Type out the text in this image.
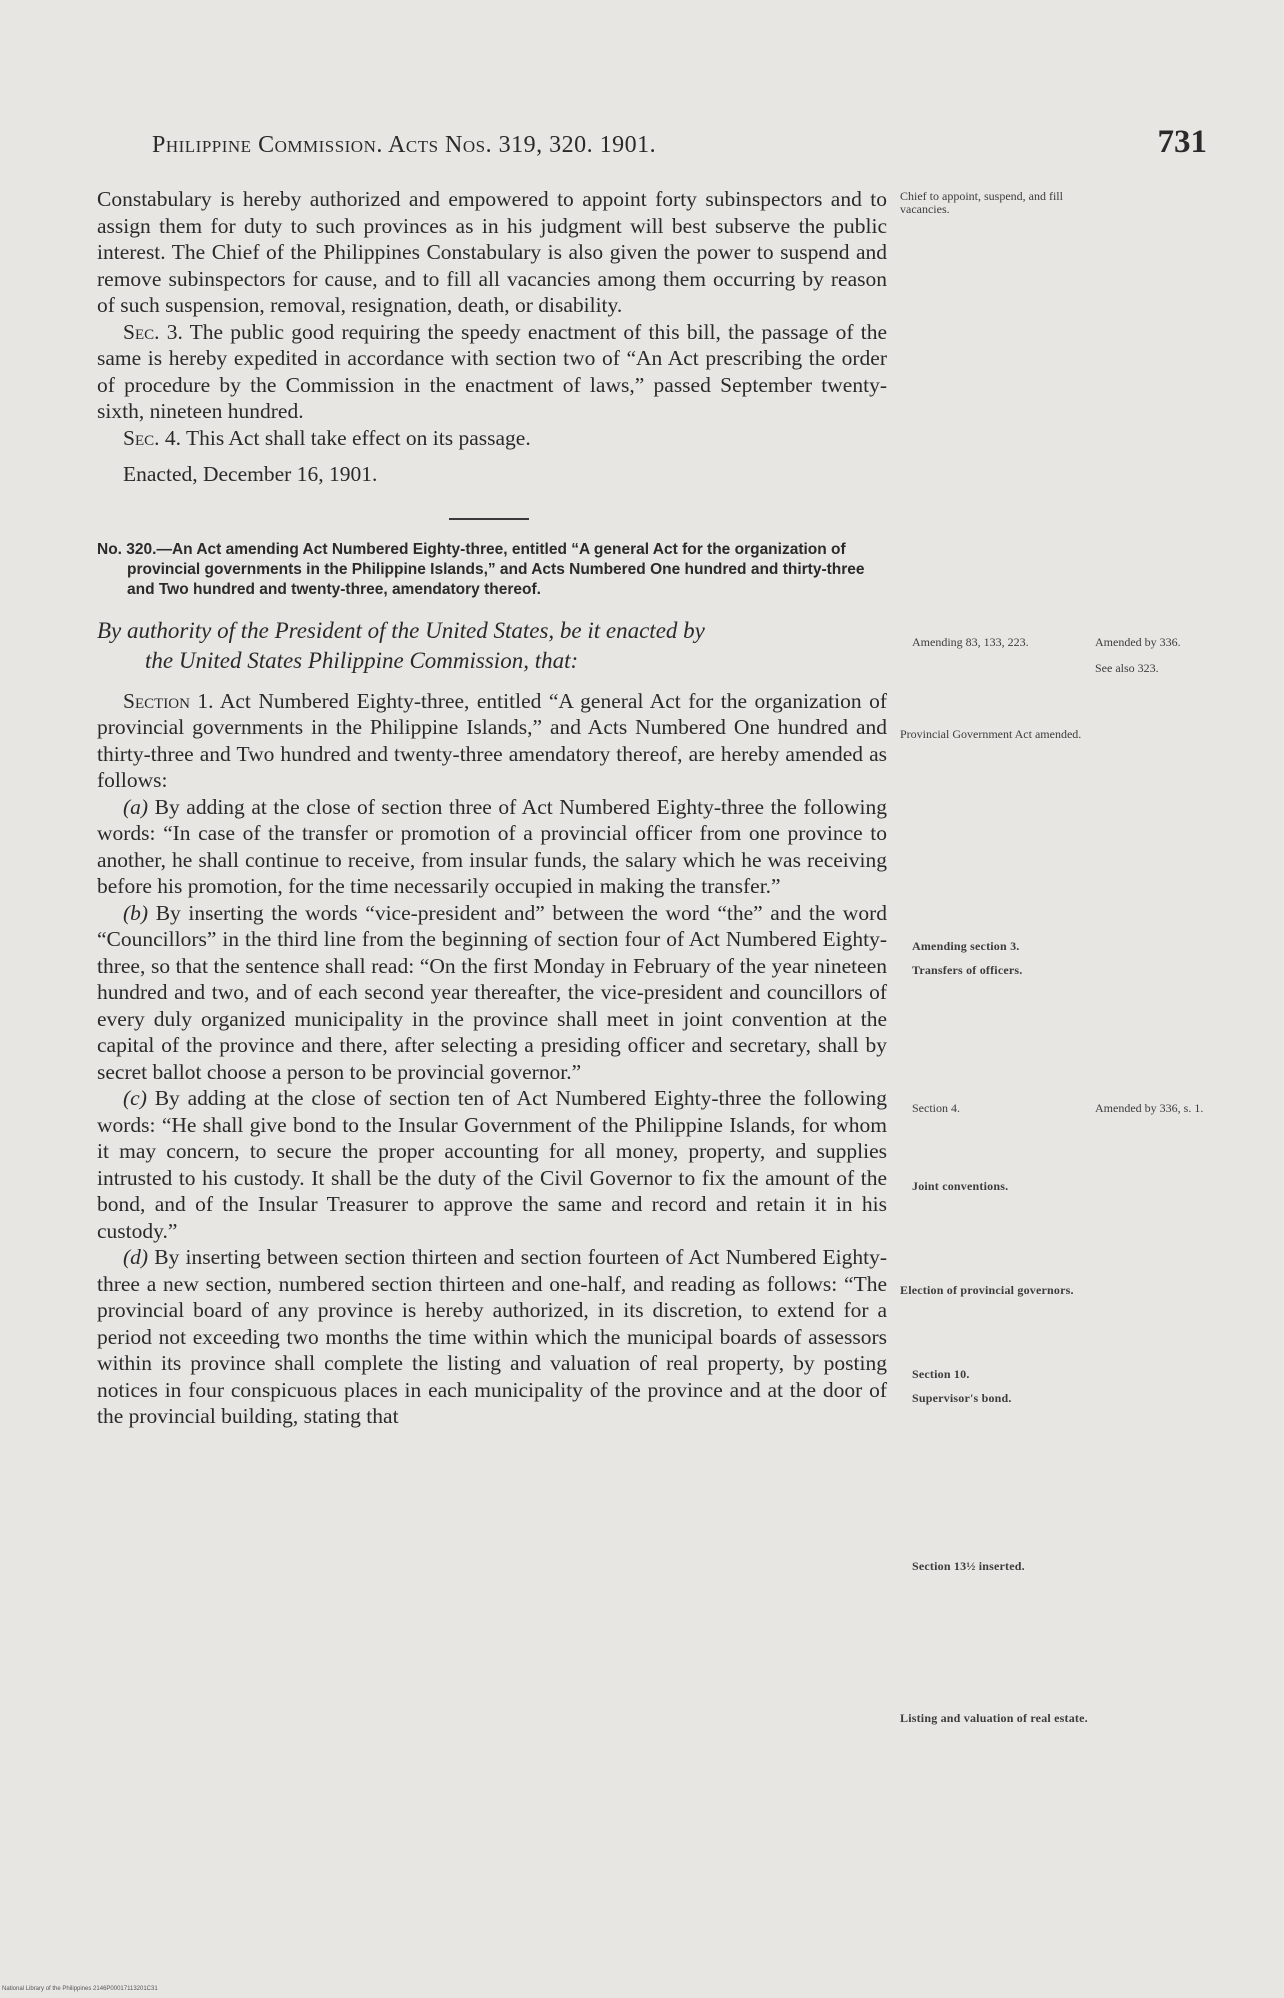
Philippine Commission. Acts Nos. 319, 320. 1901.	731

Constabulary is hereby authorized and empowered to appoint forty subinspectors and to assign them for duty to such provinces as in his judgment will best subserve the public interest. The Chief of the Philippines Constabulary is also given the power to suspend and remove subinspectors for cause, and to fill all vacancies among them occurring by reason of such suspension, removal, resignation, death, or disability.

Sec. 3. The public good requiring the speedy enactment of this bill, the passage of the same is hereby expedited in accordance with section two of “An Act prescribing the order of procedure by the Commission in the enactment of laws,” passed September twenty-sixth, nineteen hundred.

Sec. 4. This Act shall take effect on its passage.

Enacted, December 16, 1901.

No. 320.—An Act amending Act Numbered Eighty-three, entitled “A general Act for the organization of provincial governments in the Philippine Islands,” and Acts Numbered One hundred and thirty-three and Two hundred and twenty-three, amendatory thereof.

By authority of the President of the United States, be it enacted by
the United States Philippine Commission, that:

Section 1. Act Numbered Eighty-three, entitled “A general Act for the organization of provincial governments in the Philippine Islands,” and Acts Numbered One hundred and thirty-three and Two hundred and twenty-three amendatory thereof, are hereby amended as follows:

(a) By adding at the close of section three of Act Numbered Eighty-three the following words: “In case of the transfer or promotion of a provincial officer from one province to another, he shall continue to receive, from insular funds, the salary which he was receiving before his promotion, for the time necessarily occupied in making the transfer.”

(b) By inserting the words “vice-president and” between the word “the” and the word “Councillors” in the third line from the beginning of section four of Act Numbered Eighty-three, so that the sentence shall read: “On the first Monday in February of the year nineteen hundred and two, and of each second year thereafter, the vice-president and councillors of every duly organized municipality in the province shall meet in joint convention at the capital of the province and there, after selecting a presiding officer and secretary, shall by secret ballot choose a person to be provincial governor.”

(c) By adding at the close of section ten of Act Numbered Eighty-three the following words: “He shall give bond to the Insular Government of the Philippine Islands, for whom it may concern, to secure the proper accounting for all money, property, and supplies intrusted to his custody. It shall be the duty of the Civil Governor to fix the amount of the bond, and of the Insular Treasurer to approve the same and record and retain it in his custody.”

(d) By inserting between section thirteen and section fourteen of Act Numbered Eighty-three a new section, numbered section thirteen and one-half, and reading as follows: “The provincial board of any province is hereby authorized, in its discretion, to extend for a period not exceeding two months the time within which the municipal boards of assessors within its province shall complete the listing and valuation of real property, by posting notices in four conspicuous places in each municipality of the province and at the door of the provincial building, stating that

Chief to appoint, suspend, and fill vacancies.
Amending 83, 133, 223.	Amended by 336.
See also 323.
Provincial Government Act amended.
Amending section 3.
Transfers of officers.
Section 4.	Amended by 336, s. 1.
Joint conventions.
Election of provincial governors.
Section 10.
Supervisor's bond.
Section 13½ inserted.
Listing and valuation of real estate.
National Library of the Philippines 2146P00017113201C31
